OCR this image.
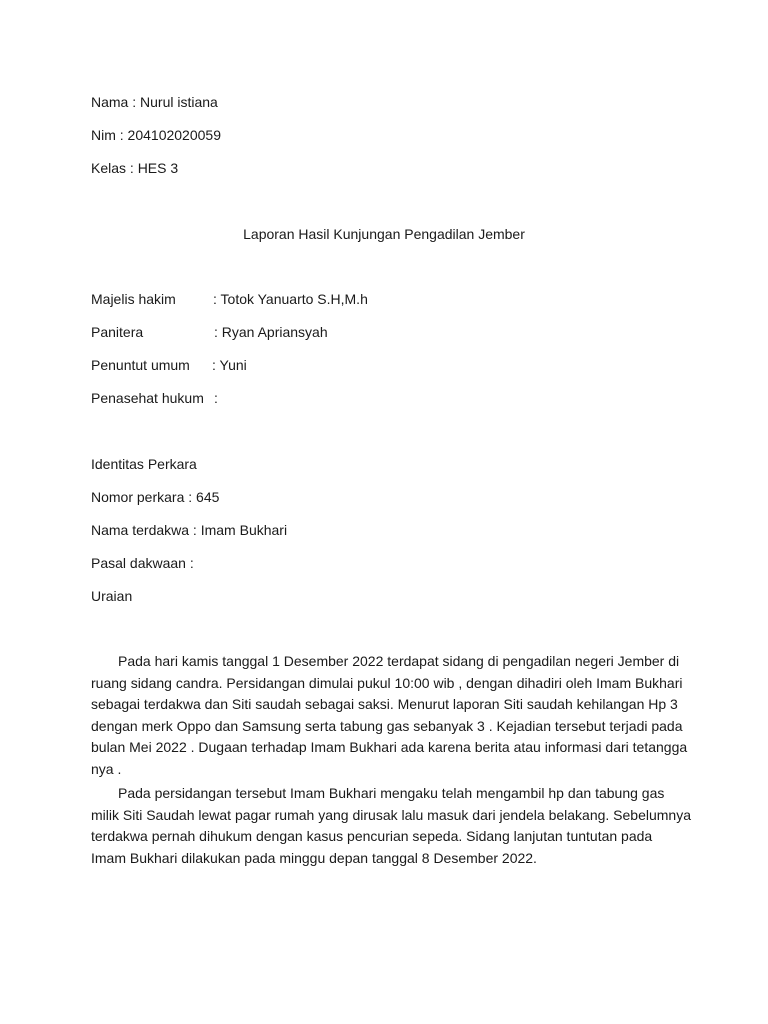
Nama : Nurul istiana
Nim : 204102020059
Kelas : HES 3
Laporan Hasil Kunjungan Pengadilan Jember
Majelis hakim	: Totok Yanuarto S.H,M.h
Panitera	: Ryan Apriansyah
Penuntut umum : Yuni
Penasehat hukum :
Identitas Perkara
Nomor perkara : 645
Nama terdakwa : Imam Bukhari
Pasal dakwaan :
Uraian

Pada hari kamis tanggal 1 Desember 2022 terdapat sidang di pengadilan negeri Jember di ruang sidang candra. Persidangan dimulai pukul 10:00 wib , dengan dihadiri oleh Imam Bukhari sebagai terdakwa dan Siti saudah sebagai saksi. Menurut laporan Siti saudah kehilangan Hp 3 dengan merk Oppo dan Samsung serta tabung gas sebanyak 3 . Kejadian tersebut terjadi pada bulan Mei 2022 . Dugaan terhadap Imam Bukhari ada karena berita atau informasi dari tetangga nya .

Pada persidangan tersebut Imam Bukhari mengaku telah mengambil hp dan tabung gas milik Siti Saudah lewat pagar rumah yang dirusak lalu masuk dari jendela belakang. Sebelumnya terdakwa pernah dihukum dengan kasus pencurian sepeda. Sidang lanjutan tuntutan pada Imam Bukhari dilakukan pada minggu depan tanggal 8 Desember 2022.
